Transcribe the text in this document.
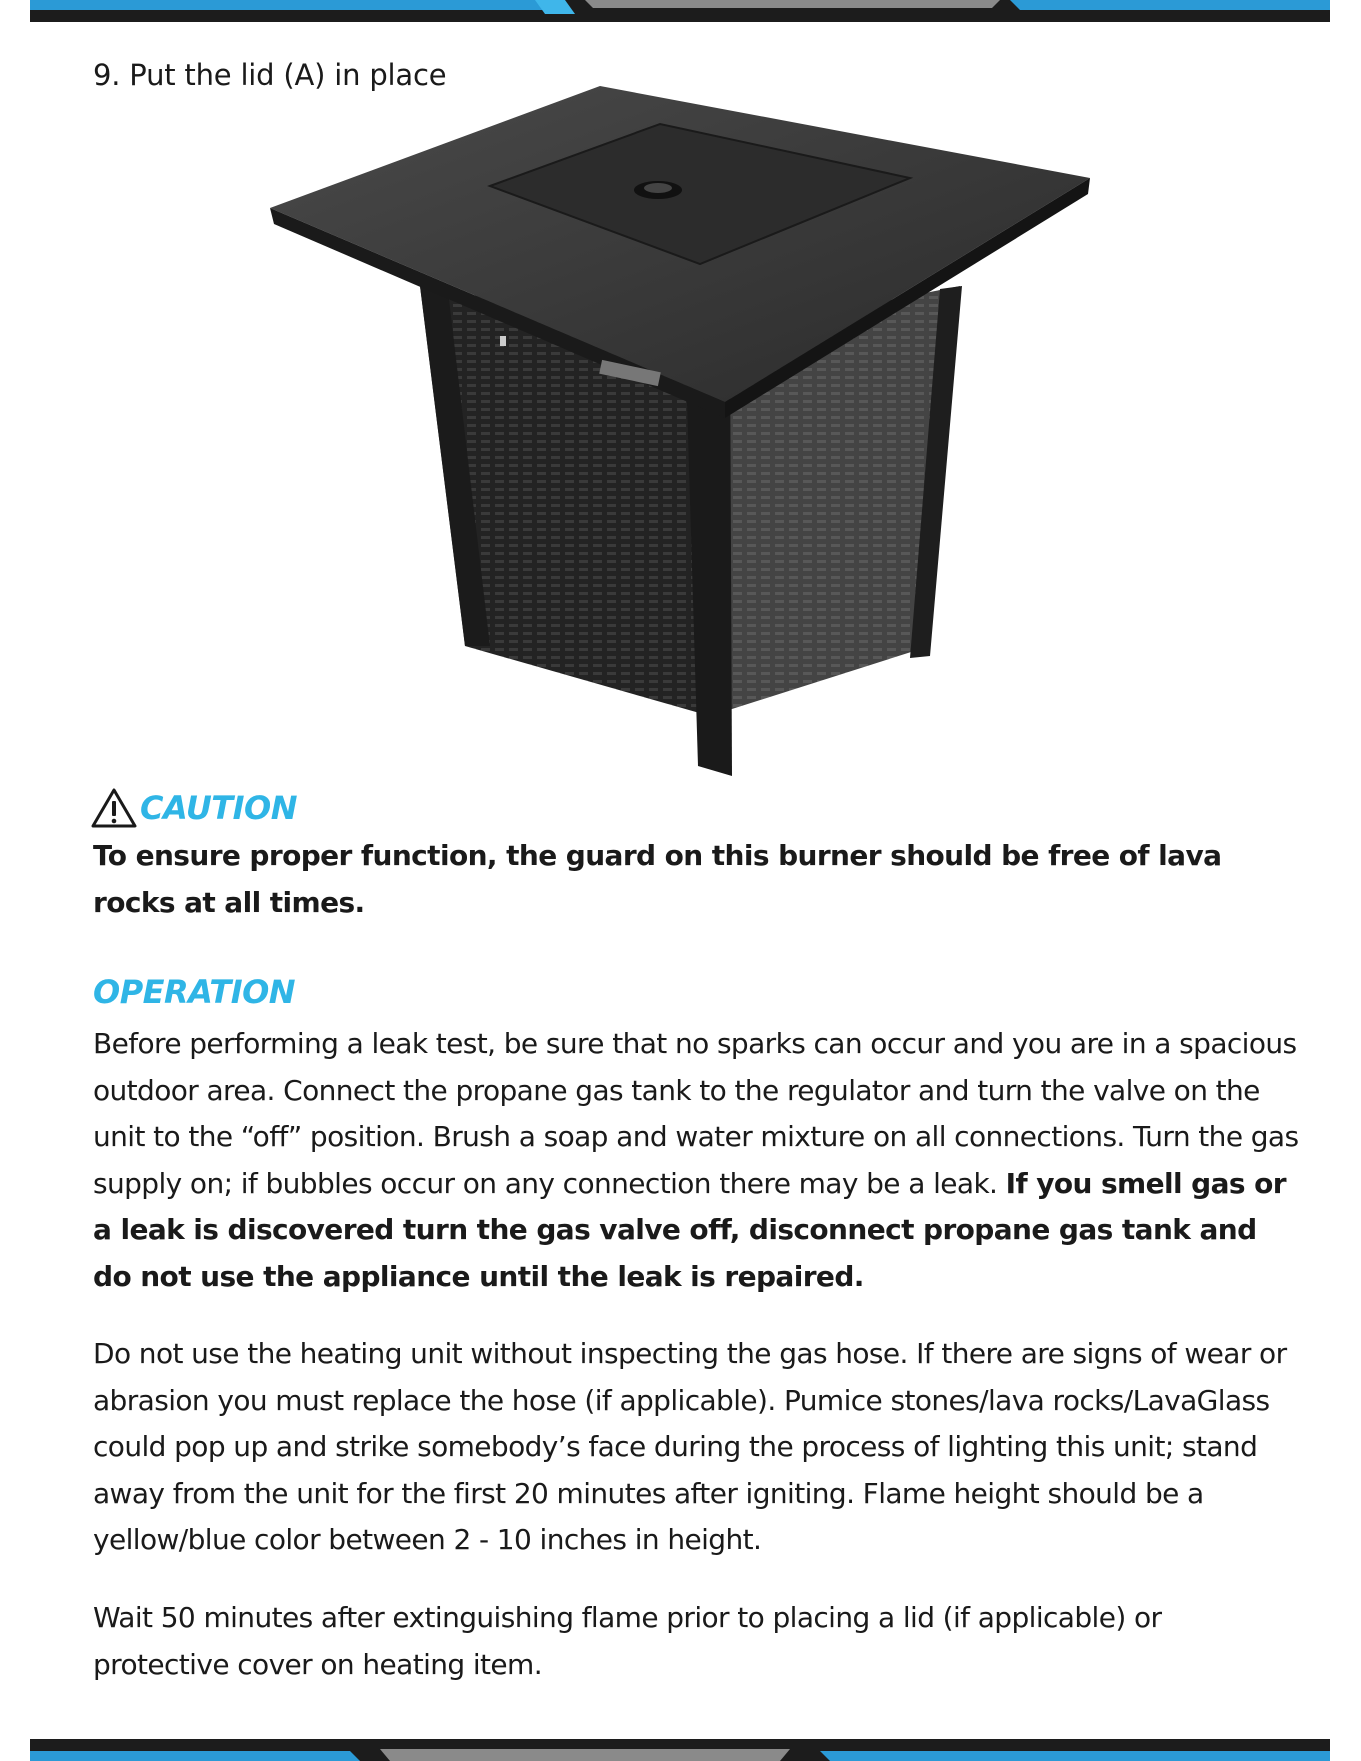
9. Put the lid (A) in place
CAUTION
To ensure proper function, the guard on this burner should be free of lava rocks at all times.
OPERATION
Before performing a leak test, be sure that no sparks can occur and you are in a spacious outdoor area. Connect the propane gas tank to the regulator and turn the valve on the unit to the “off” position. Brush a soap and water mixture on all connections. Turn the gas supply on; if bubbles occur on any connection there may be a leak. If you smell gas or a leak is discovered turn the gas valve off, disconnect propane gas tank and do not use the appliance until the leak is repaired.
Do not use the heating unit without inspecting the gas hose. If there are signs of wear or abrasion you must replace the hose (if applicable). Pumice stones/lava rocks/LavaGlass could pop up and strike somebody’s face during the process of lighting this unit; stand away from the unit for the first 20 minutes after igniting. Flame height should be a yellow/blue color between 2 - 10 inches in height.
Wait 50 minutes after extinguishing flame prior to placing a lid (if applicable) or protective cover on heating item.
